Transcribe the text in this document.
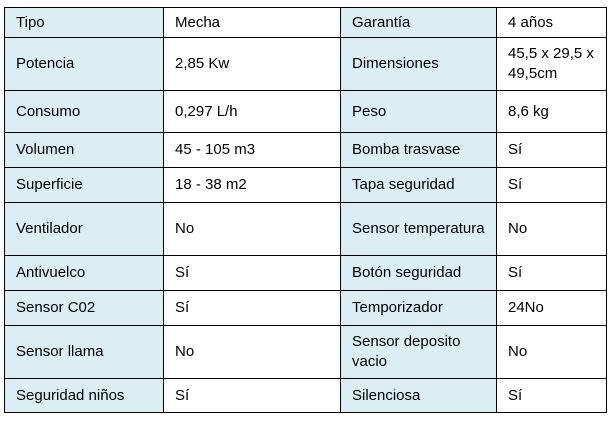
Tipo	Mecha	Garantía	4 años
Potencia	2,85 Kw	Dimensiones	45,5 x 29,5 x 49,5cm
Consumo	0,297 L/h	Peso	8,6 kg
Volumen	45 - 105 m3	Bomba trasvase	Sí
Superficie	18 - 38 m2	Tapa seguridad	Sí
Ventilador	No	Sensor temperatura	No
Antivuelco	Sí	Botón seguridad	Sí
Sensor C02	Sí	Temporizador	24No
Sensor llama	No	Sensor deposito vacio	No
Seguridad niños	Sí	Silenciosa	Sí
